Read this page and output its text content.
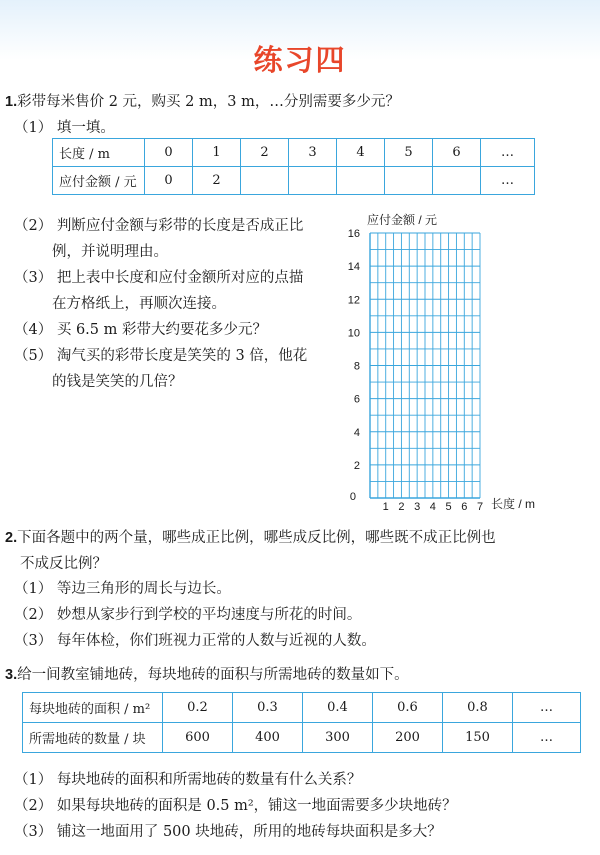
练习四
1.彩带每米售价 2 元，购买 2 m，3 m，…分别需要多少元？
（1） 填一填。
长度 / m	0	1	2	3	4	5	6	…
应付金额 / 元	0	2						…
（2） 判断应付金额与彩带的长度是否成正比
例，并说明理由。
（3） 把上表中长度和应付金额所对应的点描
在方格纸上，再顺次连接。
（4） 买 6.5 m 彩带大约要花多少元？
（5） 淘气买的彩带长度是笑笑的 3 倍，他花
的钱是笑笑的几倍？
应付金额 / 元
长度 / m
0
1 2 3 4 5 6 7
2
4
6
8
10
12
14
16
2.下面各题中的两个量，哪些成正比例，哪些成反比例，哪些既不成正比例也
不成反比例？
（1） 等边三角形的周长与边长。
（2） 妙想从家步行到学校的平均速度与所花的时间。
（3） 每年体检，你们班视力正常的人数与近视的人数。
3.给一间教室铺地砖，每块地砖的面积与所需地砖的数量如下。
每块地砖的面积 / m²	0.2	0.3	0.4	0.6	0.8	…
所需地砖的数量 / 块	600	400	300	200	150	…
（1） 每块地砖的面积和所需地砖的数量有什么关系？
（2） 如果每块地砖的面积是 0.5 m²，铺这一地面需要多少块地砖？
（3） 铺这一地面用了 500 块地砖，所用的地砖每块面积是多大？
